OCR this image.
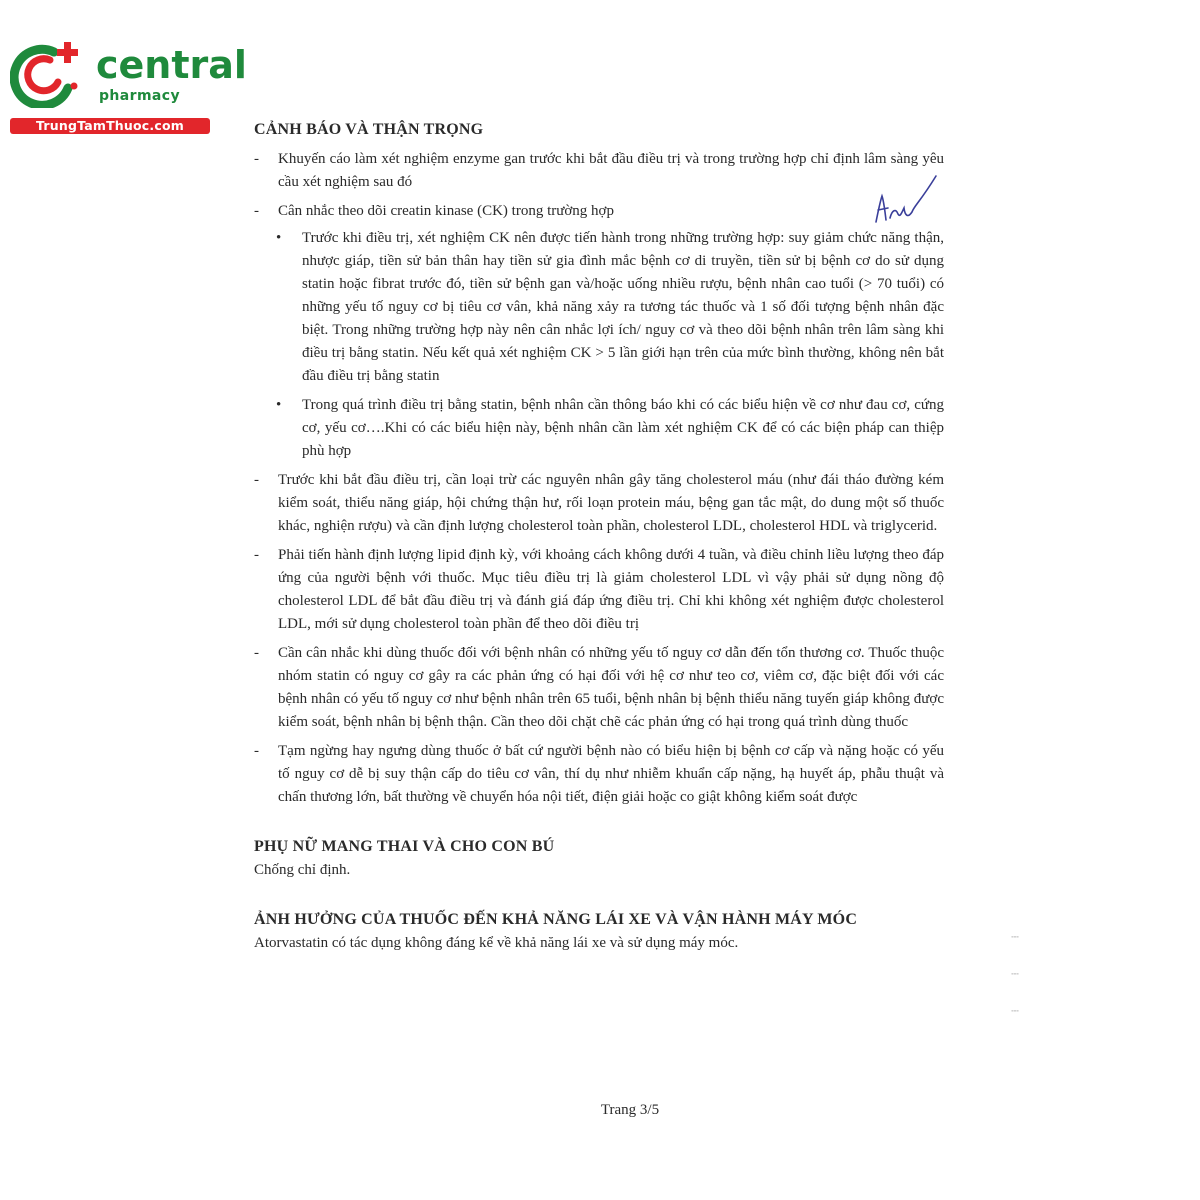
central
pharmacy
TrungTamThuoc.com	CẢNH BÁO VÀ THẬN TRỌNG

- Khuyến cáo làm xét nghiệm enzyme gan trước khi bắt đầu điều trị và trong trường hợp chỉ định lâm sàng yêu cầu xét nghiệm sau đó

- Cân nhắc theo dõi creatin kinase (CK) trong trường hợp

• Trước khi điều trị, xét nghiệm CK nên được tiến hành trong những trường hợp: suy giảm chức năng thận, nhược giáp, tiền sử bản thân hay tiền sử gia đình mắc bệnh cơ di truyền, tiền sử bị bệnh cơ do sử dụng statin hoặc fibrat trước đó, tiền sử bệnh gan và/hoặc uống nhiều rượu, bệnh nhân cao tuổi (> 70 tuổi) có những yếu tố nguy cơ bị tiêu cơ vân, khả năng xảy ra tương tác thuốc và 1 số đối tượng bệnh nhân đặc biệt. Trong những trường hợp này nên cân nhắc lợi ích/ nguy cơ và theo dõi bệnh nhân trên lâm sàng khi điều trị bằng statin. Nếu kết quả xét nghiệm CK > 5 lần giới hạn trên của mức bình thường, không nên bắt đầu điều trị bằng statin
• Trong quá trình điều trị bằng statin, bệnh nhân cần thông báo khi có các biểu hiện về cơ như đau cơ, cứng cơ, yếu cơ….Khi có các biểu hiện này, bệnh nhân cần làm xét nghiệm CK để có các biện pháp can thiệp phù hợp

- Trước khi bắt đầu điều trị, cần loại trừ các nguyên nhân gây tăng cholesterol máu (như đái tháo đường kém kiểm soát, thiểu năng giáp, hội chứng thận hư, rối loạn protein máu, bệng gan tắc mật, do dung một số thuốc khác, nghiện rượu) và cần định lượng cholesterol toàn phần, cholesterol LDL, cholesterol HDL và triglycerid.

- Phải tiến hành định lượng lipid định kỳ, với khoảng cách không dưới 4 tuần, và điều chỉnh liều lượng theo đáp ứng của người bệnh với thuốc. Mục tiêu điều trị là giảm cholesterol LDL vì vậy phải sử dụng nồng độ cholesterol LDL để bắt đầu điều trị và đánh giá đáp ứng điều trị. Chỉ khi không xét nghiệm được cholesterol LDL, mới sử dụng cholesterol toàn phần để theo dõi điều trị

- Cần cân nhắc khi dùng thuốc đối với bệnh nhân có những yếu tố nguy cơ dẫn đến tổn thương cơ. Thuốc thuộc nhóm statin có nguy cơ gây ra các phản ứng có hại đối với hệ cơ như teo cơ, viêm cơ, đặc biệt đối với các bệnh nhân có yếu tố nguy cơ như bệnh nhân trên 65 tuổi, bệnh nhân bị bệnh thiểu năng tuyến giáp không được kiểm soát, bệnh nhân bị bệnh thận. Cần theo dõi chặt chẽ các phản ứng có hại trong quá trình dùng thuốc

- Tạm ngừng hay ngưng dùng thuốc ở bất cứ người bệnh nào có biểu hiện bị bệnh cơ cấp và nặng hoặc có yếu tố nguy cơ dễ bị suy thận cấp do tiêu cơ vân, thí dụ như nhiễm khuẩn cấp nặng, hạ huyết áp, phẫu thuật và chấn thương lớn, bất thường về chuyển hóa nội tiết, điện giải hoặc co giật không kiểm soát được

PHỤ NỮ MANG THAI VÀ CHO CON BÚ

Chống chỉ định.

ẢNH HƯỞNG CỦA THUỐC ĐẾN KHẢ NĂNG LÁI XE VÀ VẬN HÀNH MÁY MÓC

Atorvastatin có tác dụng không đáng kể về khả năng lái xe và sử dụng máy móc.	⁞
⁞
⁞
Trang 3/5
